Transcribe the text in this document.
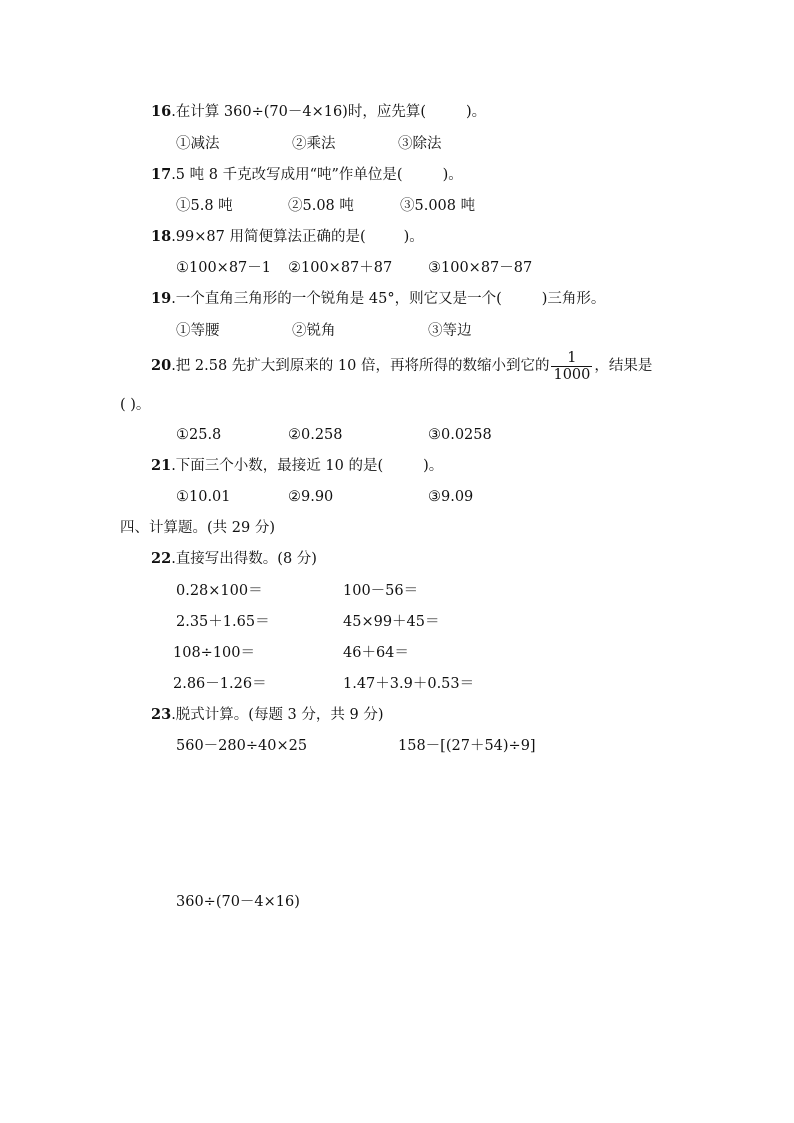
16.在计算 360÷(70－4×16)时，应先算(	)。
①减法	②乘法	③除法
17.5 吨 8 千克改写成用“吨”作单位是(	)。
①5.8 吨	②5.08 吨	③5.008 吨
18.99×87 用简便算法正确的是(	)。
①100×87－1 ②100×87＋87 ③100×87－87
19.一个直角三角形的一个锐角是 45°，则它又是一个(	)三角形。
①等腰	②锐角	③等边
20.把 2.58 先扩大到原来的 10 倍，再将所得的数缩小到它的 $\frac{1}{1000}$ ，结果是
( )。
①25.8	②0.258	③0.0258
21.下面三个小数，最接近 10 的是(	)。
①10.01	②9.90	③9.09
四、计算题。(共 29 分)
22.直接写出得数。(8 分)
0.28×100＝	100－56＝
2.35＋1.65＝	45×99＋45＝
108÷100＝	46＋64＝
2.86－1.26＝	1.47＋3.9＋0.53＝
23.脱式计算。(每题 3 分，共 9 分)
560－280÷40×25	158－[(27＋54)÷9]
360÷(70－4×16)
